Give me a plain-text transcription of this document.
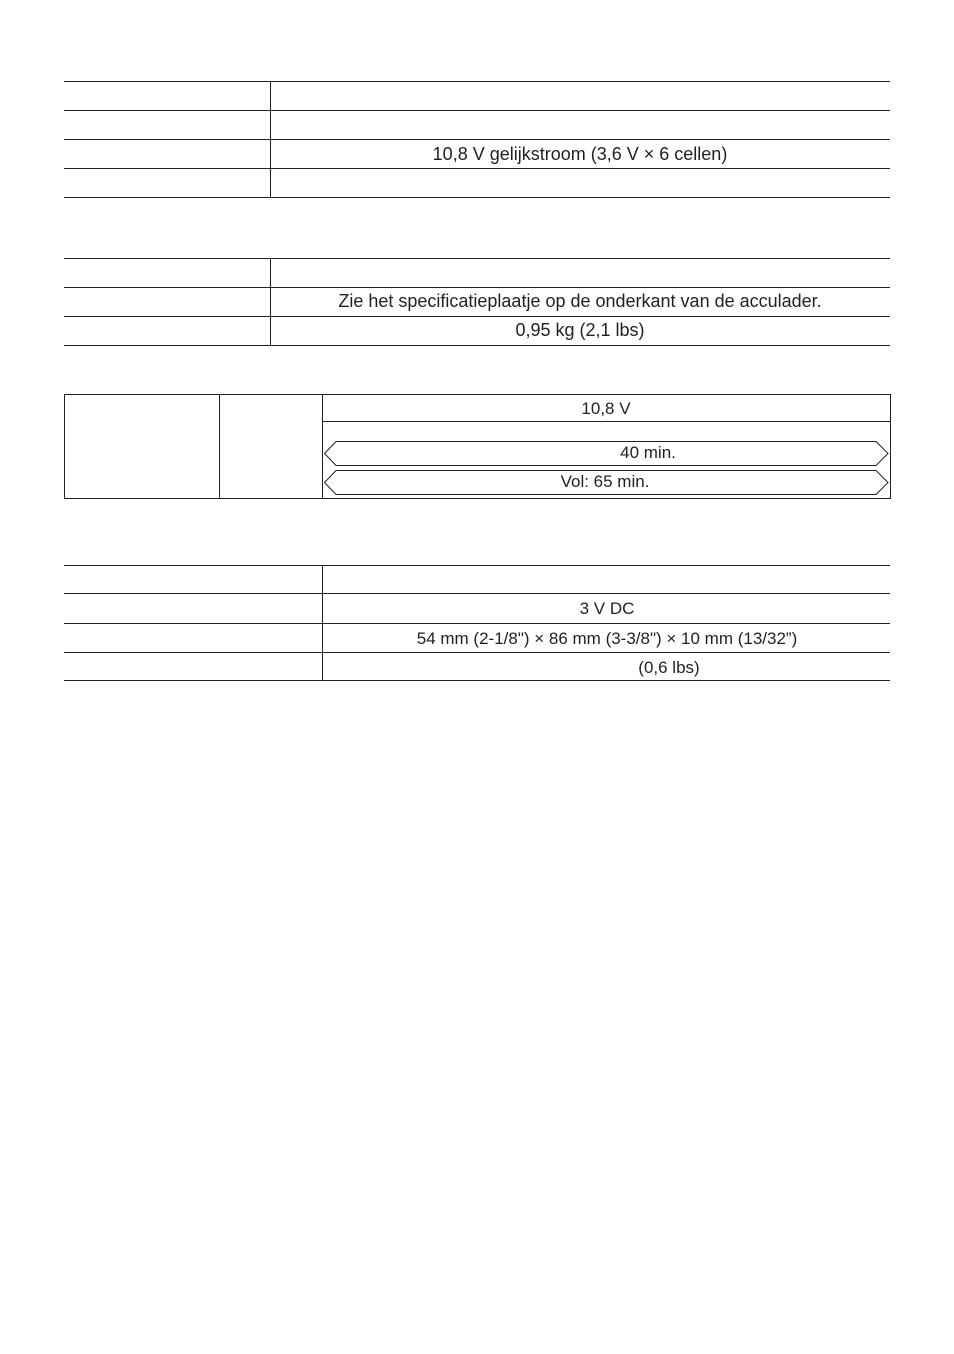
10,8 V gelijkstroom (3,6 V × 6 cellen)
Zie het specificatieplaatje op de onderkant van de acculader.
0,95 kg (2,1 lbs)
10,8 V
40 min.
Vol: 65 min.
3 V DC
54 mm (2-1/8") × 86 mm (3-3/8") × 10 mm (13/32”)
(0,6 lbs)
